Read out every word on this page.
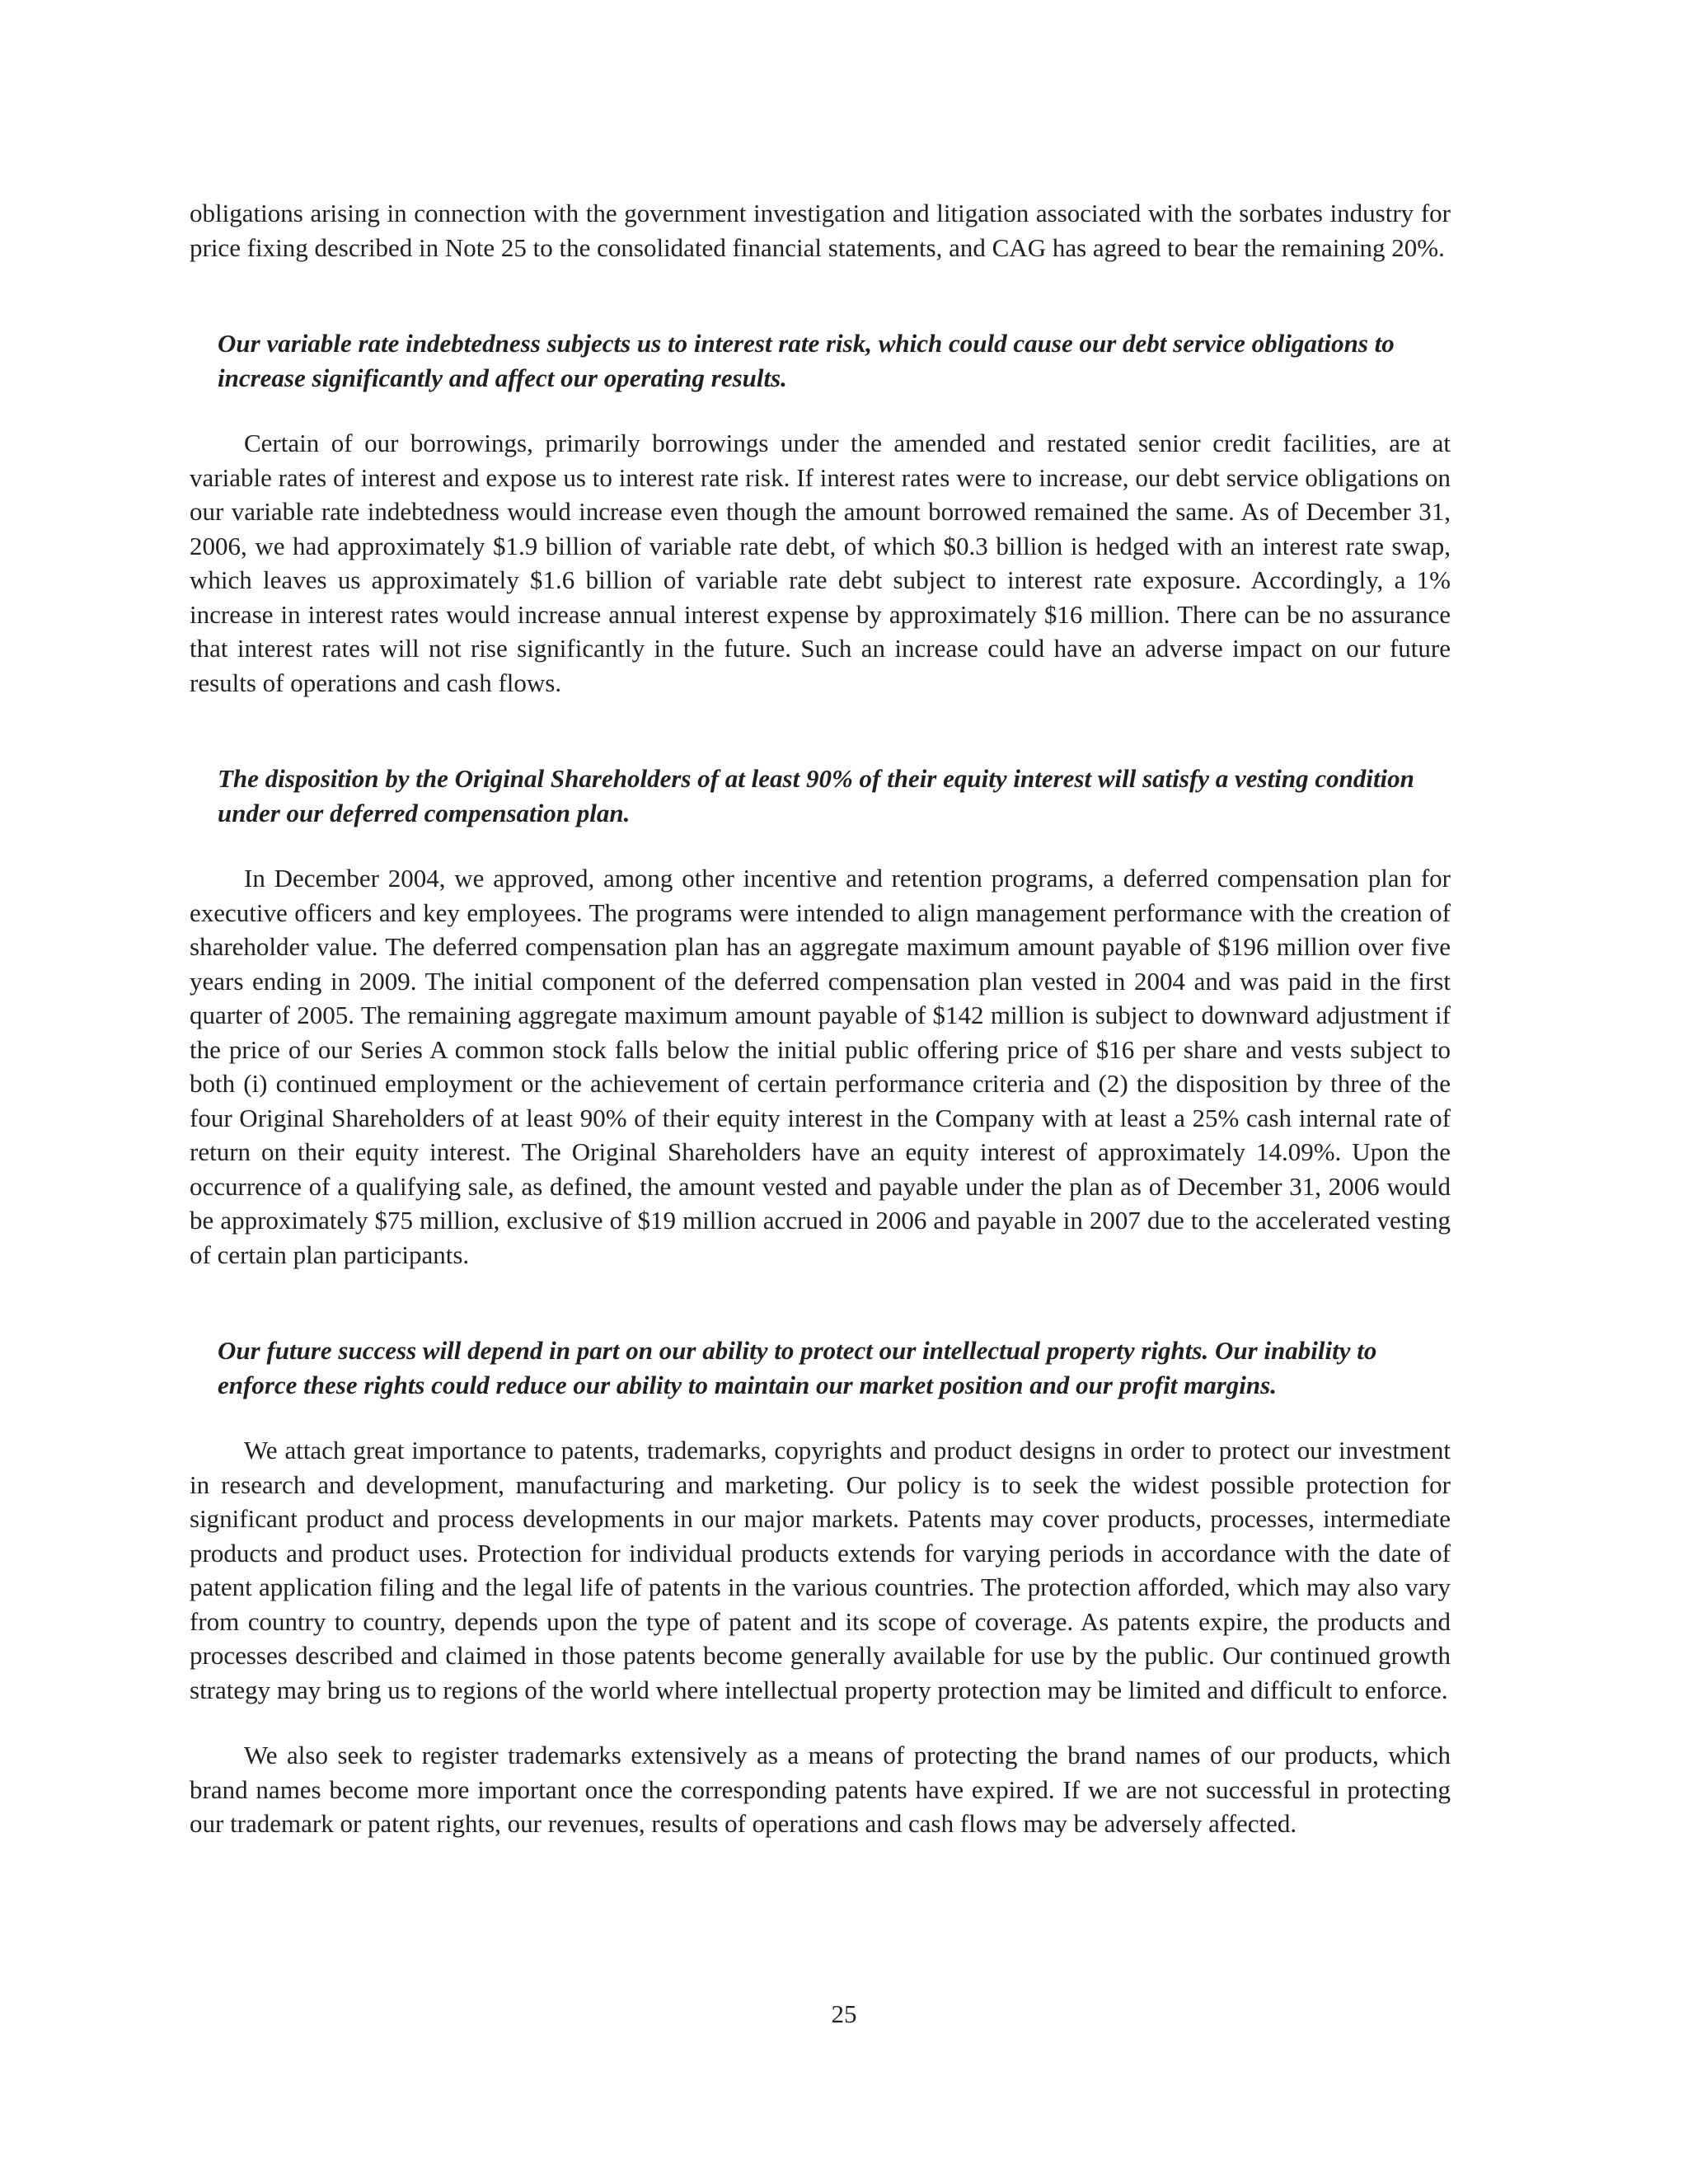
obligations arising in connection with the government investigation and litigation associated with the sorbates industry for price fixing described in Note 25 to the consolidated financial statements, and CAG has agreed to bear the remaining 20%.

Our variable rate indebtedness subjects us to interest rate risk, which could cause our debt service obligations to increase significantly and affect our operating results.

Certain of our borrowings, primarily borrowings under the amended and restated senior credit facilities, are at variable rates of interest and expose us to interest rate risk. If interest rates were to increase, our debt service obligations on our variable rate indebtedness would increase even though the amount borrowed remained the same. As of December 31, 2006, we had approximately $1.9 billion of variable rate debt, of which $0.3 billion is hedged with an interest rate swap, which leaves us approximately $1.6 billion of variable rate debt subject to interest rate exposure. Accordingly, a 1% increase in interest rates would increase annual interest expense by approximately $16 million. There can be no assurance that interest rates will not rise significantly in the future. Such an increase could have an adverse impact on our future results of operations and cash flows.

The disposition by the Original Shareholders of at least 90% of their equity interest will satisfy a vesting condition under our deferred compensation plan.

In December 2004, we approved, among other incentive and retention programs, a deferred compensation plan for executive officers and key employees. The programs were intended to align management performance with the creation of shareholder value. The deferred compensation plan has an aggregate maximum amount payable of $196 million over five years ending in 2009. The initial component of the deferred compensation plan vested in 2004 and was paid in the first quarter of 2005. The remaining aggregate maximum amount payable of $142 million is subject to downward adjustment if the price of our Series A common stock falls below the initial public offering price of $16 per share and vests subject to both (i) continued employment or the achievement of certain performance criteria and (2) the disposition by three of the four Original Shareholders of at least 90% of their equity interest in the Company with at least a 25% cash internal rate of return on their equity interest. The Original Shareholders have an equity interest of approximately 14.09%. Upon the occurrence of a qualifying sale, as defined, the amount vested and payable under the plan as of December 31, 2006 would be approximately $75 million, exclusive of $19 million accrued in 2006 and payable in 2007 due to the accelerated vesting of certain plan participants.

Our future success will depend in part on our ability to protect our intellectual property rights. Our inability to enforce these rights could reduce our ability to maintain our market position and our profit margins.

We attach great importance to patents, trademarks, copyrights and product designs in order to protect our investment in research and development, manufacturing and marketing. Our policy is to seek the widest possible protection for significant product and process developments in our major markets. Patents may cover products, processes, intermediate products and product uses. Protection for individual products extends for varying periods in accordance with the date of patent application filing and the legal life of patents in the various countries. The protection afforded, which may also vary from country to country, depends upon the type of patent and its scope of coverage. As patents expire, the products and processes described and claimed in those patents become generally available for use by the public. Our continued growth strategy may bring us to regions of the world where intellectual property protection may be limited and difficult to enforce.

We also seek to register trademarks extensively as a means of protecting the brand names of our products, which brand names become more important once the corresponding patents have expired. If we are not successful in protecting our trademark or patent rights, our revenues, results of operations and cash flows may be adversely affected.

25
